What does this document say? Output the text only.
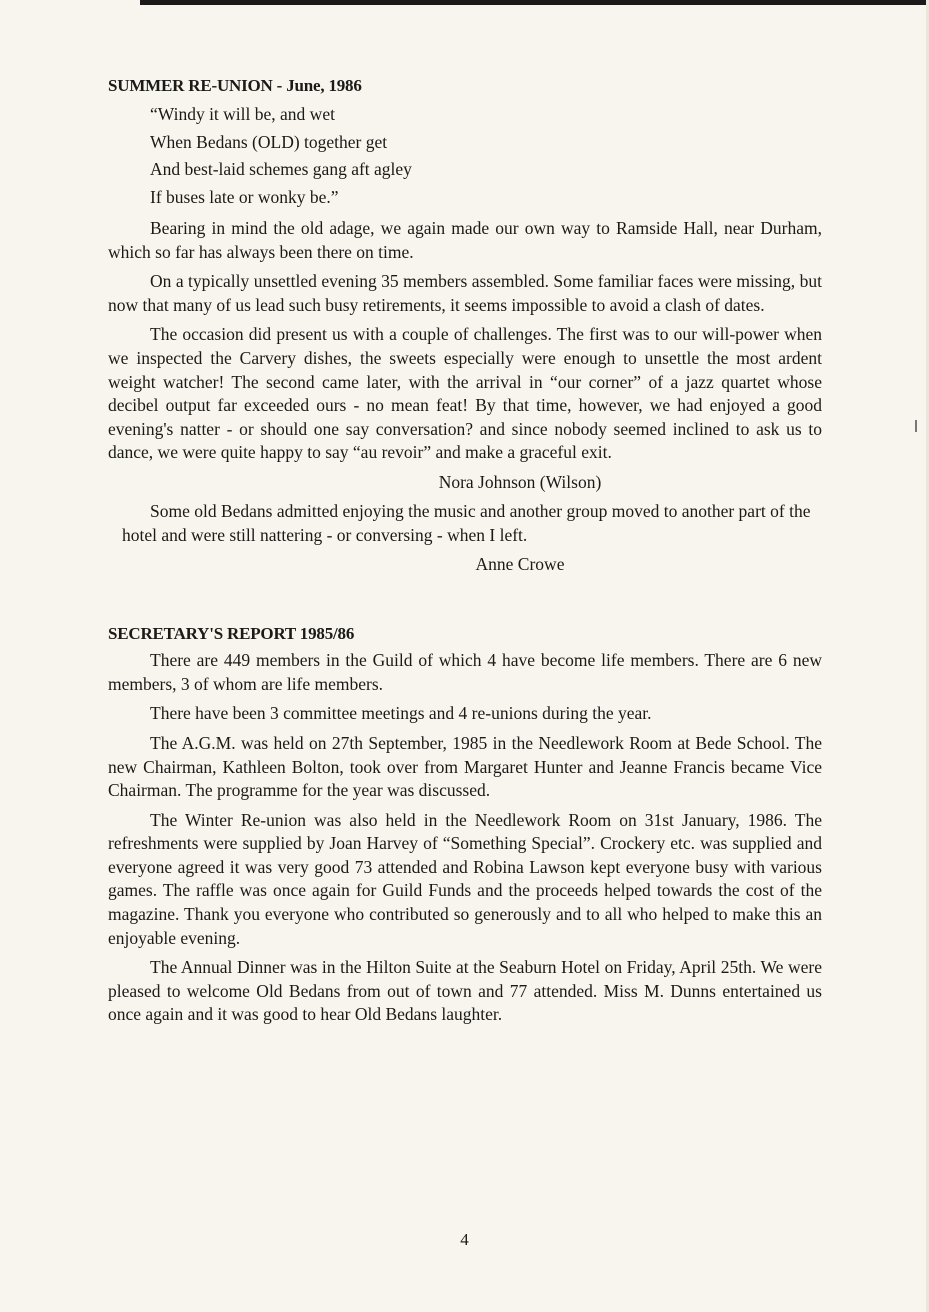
SUMMER RE-UNION - June, 1986

“Windy it will be, and wet

When Bedans (OLD) together get

And best-laid schemes gang aft agley

If buses late or wonky be.”

Bearing in mind the old adage, we again made our own way to Ramside Hall, near Durham, which so far has always been there on time.

On a typically unsettled evening 35 members assembled. Some familiar faces were missing, but now that many of us lead such busy retirements, it seems impossible to avoid a clash of dates.

The occasion did present us with a couple of challenges. The first was to our will-power when we inspected the Carvery dishes, the sweets especially were enough to unsettle the most ardent weight watcher! The second came later, with the arrival in “our corner” of a jazz quartet whose decibel output far exceeded ours - no mean feat! By that time, however, we had enjoyed a good evening's natter - or should one say conversation? and since nobody seemed inclined to ask us to dance, we were quite happy to say “au revoir” and make a graceful exit.

Nora Johnson (Wilson)

Some old Bedans admitted enjoying the music and another group moved to another part of the hotel and were still nattering - or conversing - when I left.

Anne Crowe

SECRETARY'S REPORT 1985/86

There are 449 members in the Guild of which 4 have become life members. There are 6 new members, 3 of whom are life members.

There have been 3 committee meetings and 4 re-unions during the year.

The A.G.M. was held on 27th September, 1985 in the Needlework Room at Bede School. The new Chairman, Kathleen Bolton, took over from Margaret Hunter and Jeanne Francis became Vice Chairman. The programme for the year was discussed.

The Winter Re-union was also held in the Needlework Room on 31st January, 1986. The refreshments were supplied by Joan Harvey of “Something Special”. Crockery etc. was supplied and everyone agreed it was very good 73 attended and Robina Lawson kept everyone busy with various games. The raffle was once again for Guild Funds and the proceeds helped towards the cost of the magazine. Thank you everyone who contributed so generously and to all who helped to make this an enjoyable evening.

The Annual Dinner was in the Hilton Suite at the Seaburn Hotel on Friday, April 25th. We were pleased to welcome Old Bedans from out of town and 77 attended. Miss M. Dunns entertained us once again and it was good to hear Old Bedans laughter.

4
